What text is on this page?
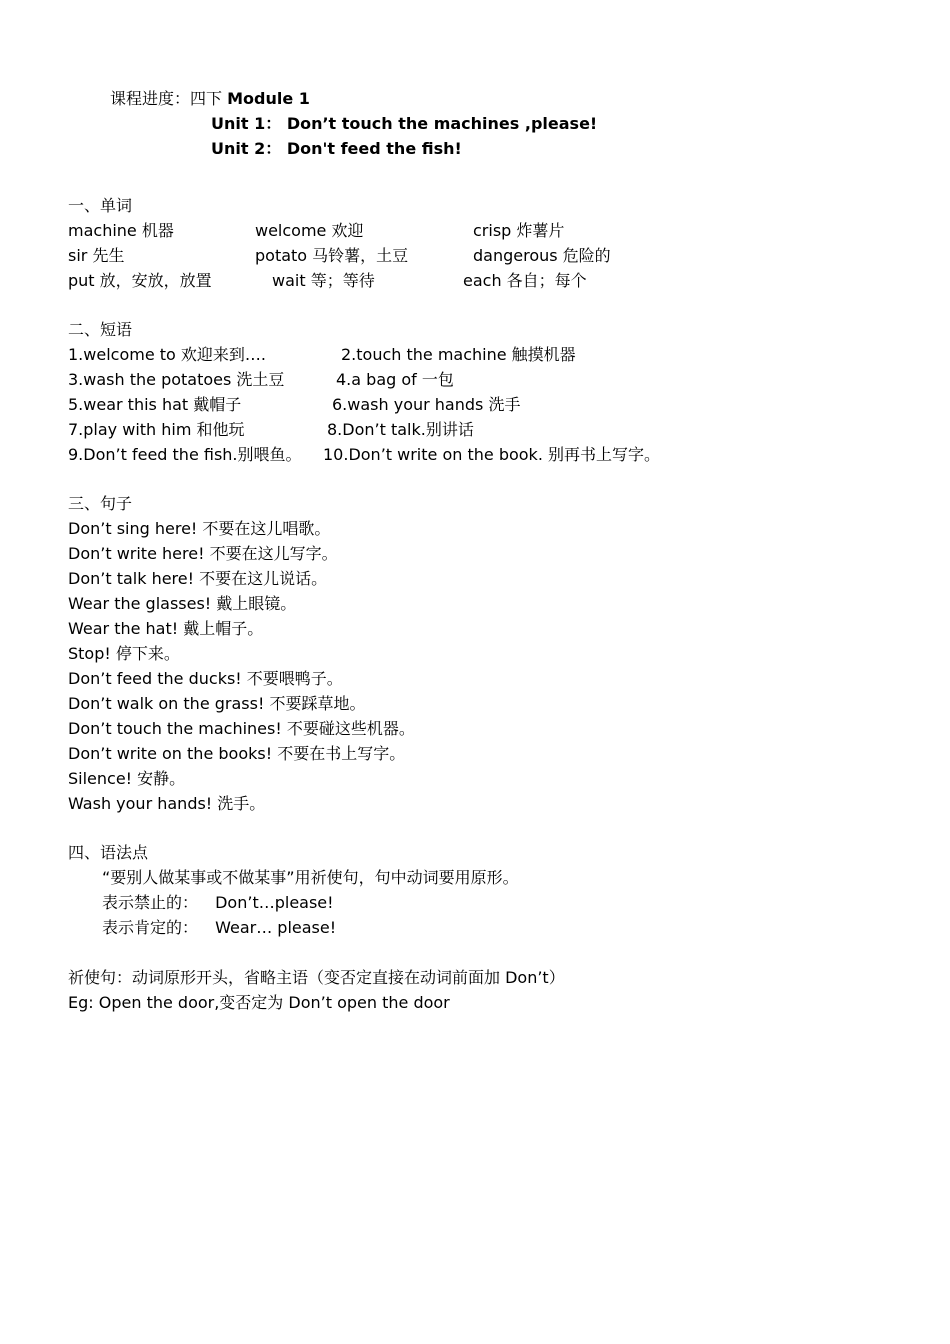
课程进度：四下 Module 1
Unit 1： Don’t touch the machines ,please!
Unit 2： Don't feed the fish!
一、单词
machine 机器	welcome 欢迎	crisp 炸薯片
sir 先生	potato 马铃薯，土豆	dangerous 危险的
put 放，安放，放置	wait 等；等待	each 各自；每个
二、短语
1.welcome to 欢迎来到….	2.touch the machine 触摸机器
3.wash the potatoes 洗土豆	4.a bag of 一包
5.wear this hat 戴帽子	6.wash your hands 洗手
7.play with him 和他玩	8.Don’t talk.别讲话
9.Don’t feed the fish.别喂鱼。 10.Don’t write on the book. 别再书上写字。
三、句子
Don’t sing here! 不要在这儿唱歌。
Don’t write here! 不要在这儿写字。
Don’t talk here! 不要在这儿说话。
Wear the glasses! 戴上眼镜。
Wear the hat! 戴上帽子。
Stop! 停下来。
Don’t feed the ducks! 不要喂鸭子。
Don’t walk on the grass! 不要踩草地。
Don’t touch the machines! 不要碰这些机器。
Don’t write on the books! 不要在书上写字。
Silence! 安静。
Wash your hands! 洗手。
四、语法点
“要别人做某事或不做某事”用祈使句，句中动词要用原形。
表示禁止的： Don’t…please!
表示肯定的： Wear… please!
祈使句：动词原形开头，省略主语（变否定直接在动词前面加 Don’t）
Eg: Open the door,变否定为 Don’t open the door
